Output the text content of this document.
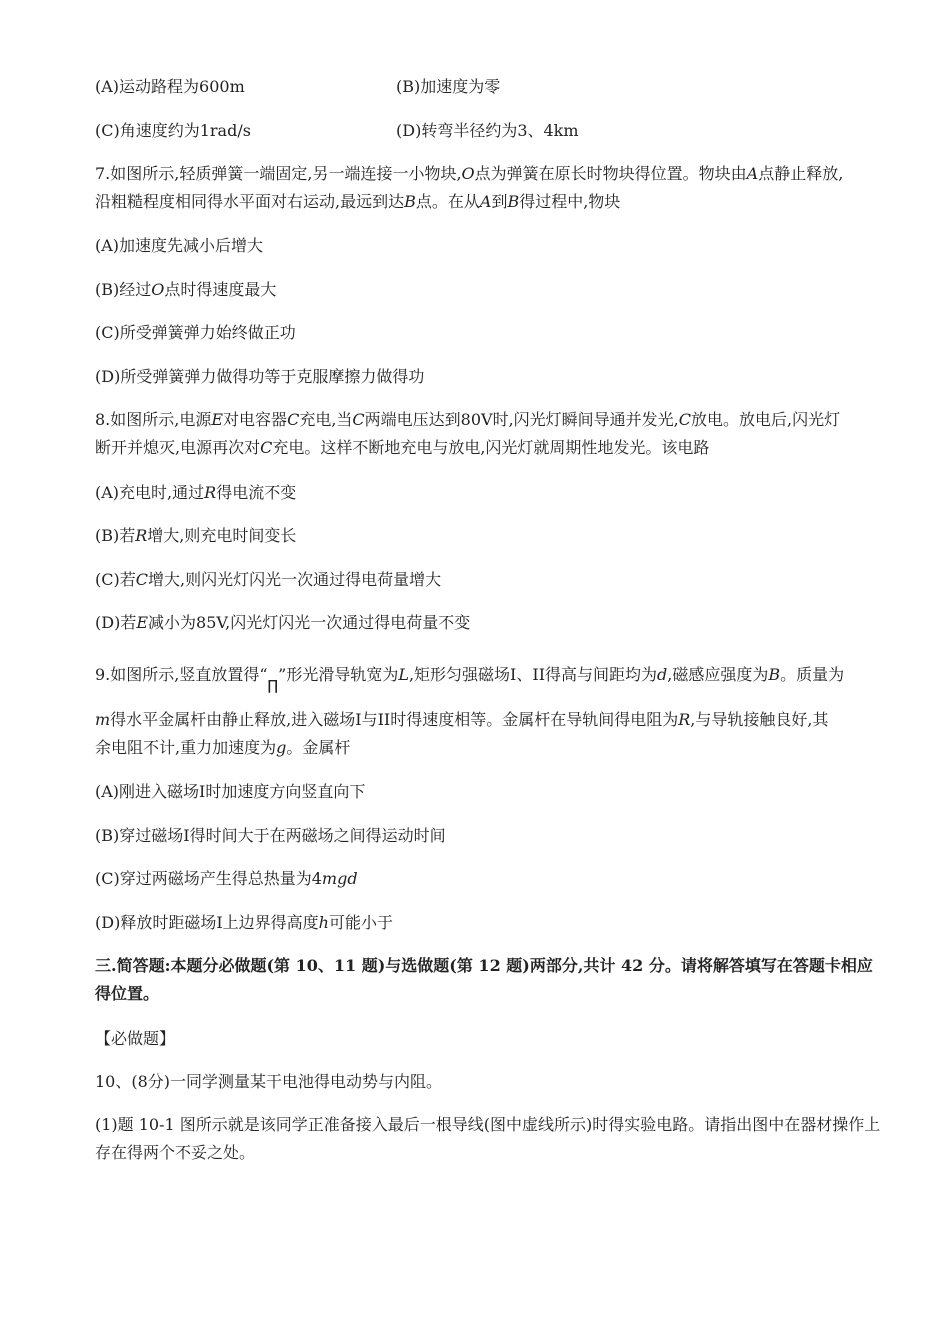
(A)运动路程为600m	(B)加速度为零
(C)角速度约为1rad/s	(D)转弯半径约为3、4km
7.如图所示,轻质弹簧一端固定,另一端连接一小物块,O点为弹簧在原长时物块得位置。物块由A点静止释放,
沿粗糙程度相同得水平面对右运动,最远到达B点。在从A到B得过程中,物块
(A)加速度先减小后增大
(B)经过O点时得速度最大
(C)所受弹簧弹力始终做正功
(D)所受弹簧弹力做得功等于克服摩擦力做得功
8.如图所示,电源E对电容器C充电,当C两端电压达到80V时,闪光灯瞬间导通并发光,C放电。放电后,闪光灯
断开并熄灭,电源再次对C充电。这样不断地充电与放电,闪光灯就周期性地发光。该电路
(A)充电时,通过R得电流不变
(B)若R增大,则充电时间变长
(C)若C增大,则闪光灯闪光一次通过得电荷量增大
(D)若E减小为85V,闪光灯闪光一次通过得电荷量不变
9.如图所示,竖直放置得“∏”形光滑导轨宽为L,矩形匀强磁场I、II得高与间距均为d,磁感应强度为B。质量为
m得水平金属杆由静止释放,进入磁场I与II时得速度相等。金属杆在导轨间得电阻为R,与导轨接触良好,其
余电阻不计,重力加速度为g。金属杆
(A)刚进入磁场I时加速度方向竖直向下
(B)穿过磁场I得时间大于在两磁场之间得运动时间
(C)穿过两磁场产生得总热量为4mgd
(D)释放时距磁场I上边界得高度h可能小于
三.简答题:本题分必做题(第 10、11 题)与选做题(第 12 题)两部分,共计 42 分。请将解答填写在答题卡相应得位置。
【必做题】
10、(8分)一同学测量某干电池得电动势与内阻。
(1)题 10-1 图所示就是该同学正准备接入最后一根导线(图中虚线所示)时得实验电路。请指出图中在器材操作上存在得两个不妥之处。
